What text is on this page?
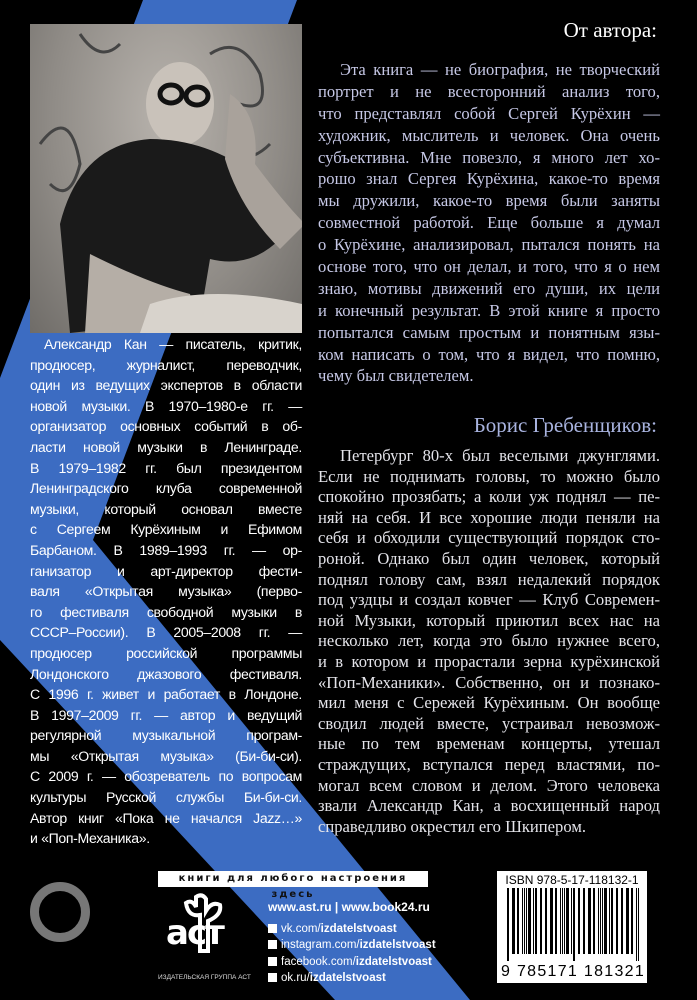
От автора:
Эта книга — не биография, не творческий
портрет и не всесторонний анализ того,
что представлял собой Сергей Курёхин —
художник, мыслитель и человек. Она очень
субъективна. Мне повезло, я много лет хо-
рошо знал Сергея Курёхина, какое-то время
мы дружили, какое-то время были заняты
совместной работой. Еще больше я думал
о Курёхине, анализировал, пытался понять на
основе того, что он делал, и того, что я о нем
знаю, мотивы движений его души, их цели
и конечный результат. В этой книге я просто
попытался самым простым и понятным язы-
ком написать о том, что я видел, что помню,
чему был свидетелем.
Борис Гребенщиков:
Петербург 80-х был веселыми джунглями.
Если не поднимать головы, то можно было
спокойно прозябать; а коли уж поднял — пе-
няй на себя. И все хорошие люди пеняли на
себя и обходили существующий порядок сто-
роной. Однако был один человек, который
поднял голову сам, взял недалекий порядок
под уздцы и создал ковчег — Клуб Современ-
ной Музыки, который приютил всех нас на
несколько лет, когда это было нужнее всего,
и в котором и прорастали зерна курёхинской
«Поп-Механики». Собственно, он и познако-
мил меня с Сережей Курёхиным. Он вообще
сводил людей вместе, устраивал невозмож-
ные по тем временам концерты, утешал
страждущих, вступался перед властями, по-
могал всем словом и делом. Этого человека
звали Александр Кан, а восхищенный народ
справедливо окрестил его Шкипером.
Александр Кан — писатель, критик,
продюсер, журналист, переводчик,
один из ведущих экспертов в области
новой музыки. В 1970–1980-е гг. —
организатор основных событий в об-
ласти новой музыки в Ленинграде.
В 1979–1982 гг. был президентом
Ленинградского клуба современной
музыки, который основал вместе
с Сергеем Курёхиным и Ефимом
Барбаном. В 1989–1993 гг. — ор-
ганизатор и арт-директор фести-
валя «Открытая музыка» (перво-
го фестиваля свободной музыки в
СССР–России). В 2005–2008 гг. —
продюсер российской программы
Лондонского джазового фестиваля.
С 1996 г. живет и работает в Лондоне.
В 1997–2009 гг. — автор и ведущий
регулярной музыкальной програм-
мы «Открытая музыка» (Би-би-си).
С 2009 г. — обозреватель по вопросам
культуры Русской службы Би-би-си.
Автор книг «Пока не начался Jazz…»
и «Поп-Механика».
книги для любого настроения здесь
аст
ИЗДАТЕЛЬСКАЯ ГРУППА АСТ
www.ast.ru | www.book24.ru
vk.com/izdatelstvoast
instagram.com/izdatelstvoast
facebook.com/izdatelstvoast
ok.ru/izdatelstvoast
ISBN 978-5-17-118132-1
9 785171 181321
